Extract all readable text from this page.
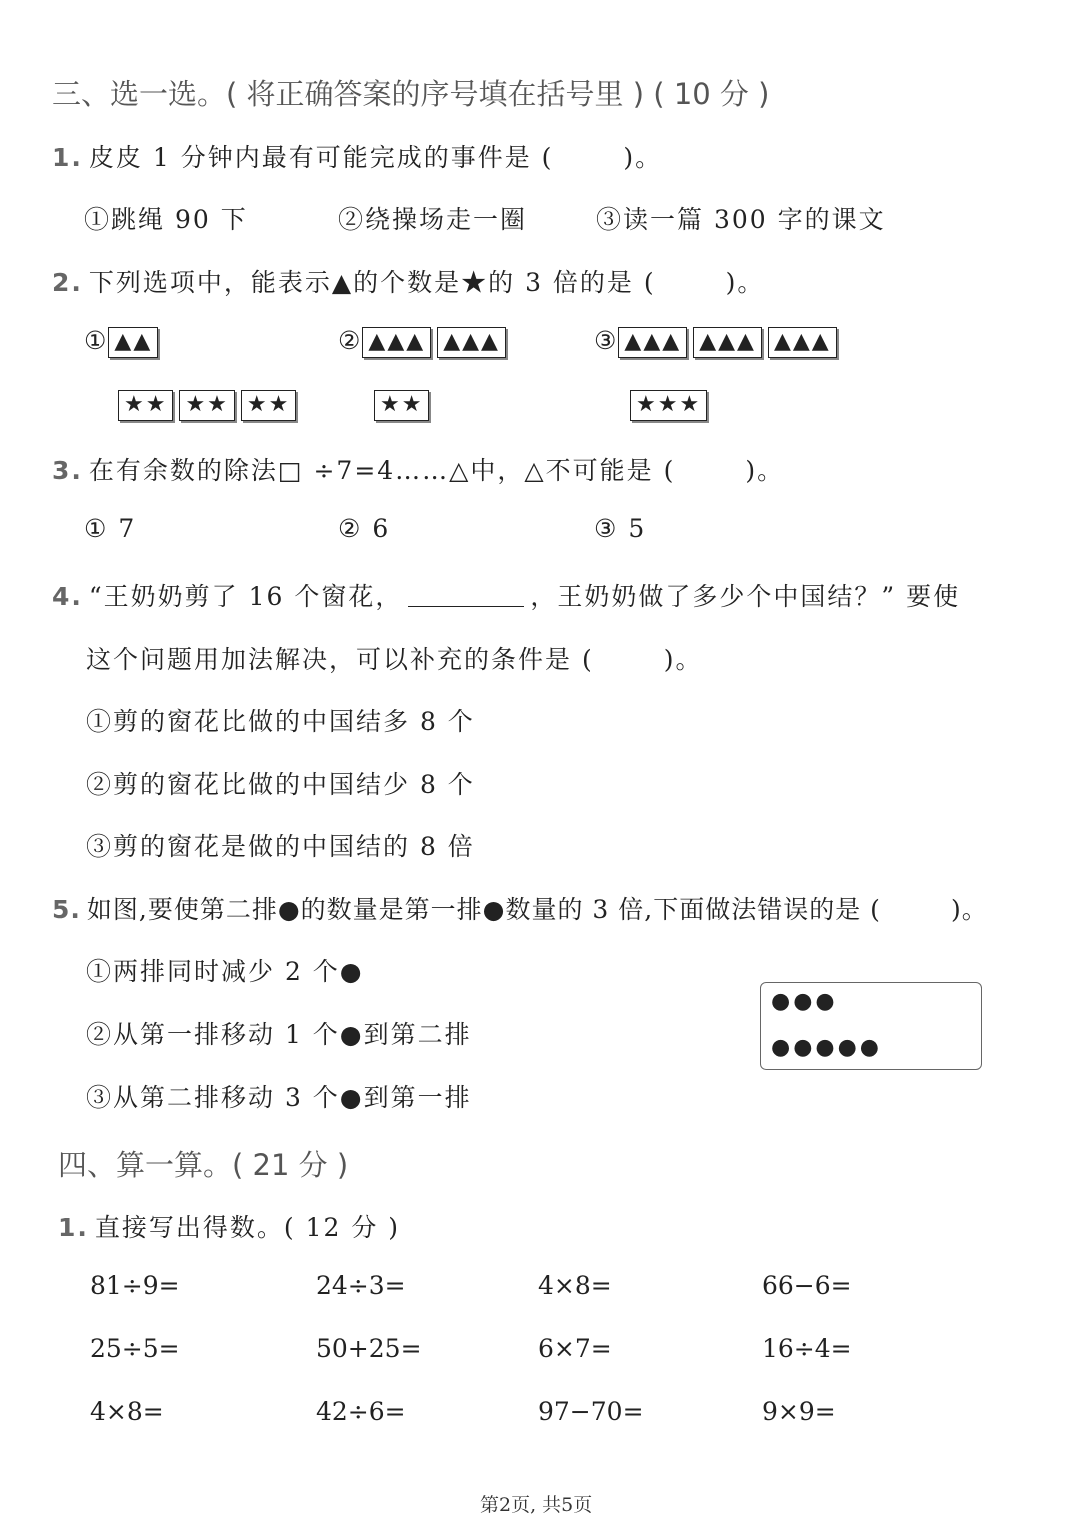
三、选一选。( 将正确答案的序号填在括号里 ) ( 10 分 )
1. 皮皮 1 分钟内最有可能完成的事件是 (	)。
①跳绳 90 下	②绕操场走一圈	③读一篇 300 字的课文
2. 下列选项中，能表示▲的个数是★的 3 倍的是 (	)。
① ▲▲
★★ ★★ ★★
② ▲▲▲ ▲▲▲
★★
③ ▲▲▲ ▲▲▲ ▲▲▲
★★★
3. 在有余数的除法□ ÷7=4……△中，△不可能是 (	)。
① 7	② 6	③ 5
4. “王奶奶剪了 16 个窗花，	，王奶奶做了多少个中国结？” 要使
这个问题用加法解决，可以补充的条件是 (	)。
①剪的窗花比做的中国结多 8 个
②剪的窗花比做的中国结少 8 个
③剪的窗花是做的中国结的 8 倍
5. 如图,要使第二排●的数量是第一排●数量的 3 倍,下面做法错误的是 (	)。
①两排同时减少 2 个●
②从第一排移动 1 个●到第二排
③从第二排移动 3 个●到第一排
●●●
●●●●●
四、算一算。( 21 分 )
1. 直接写出得数。( 12 分 )
81÷9=	24÷3=	4×8=	66−6=
25÷5=	50+25=	6×7=	16÷4=
4×8=	42÷6=	97−70=	9×9=
第2页, 共5页
